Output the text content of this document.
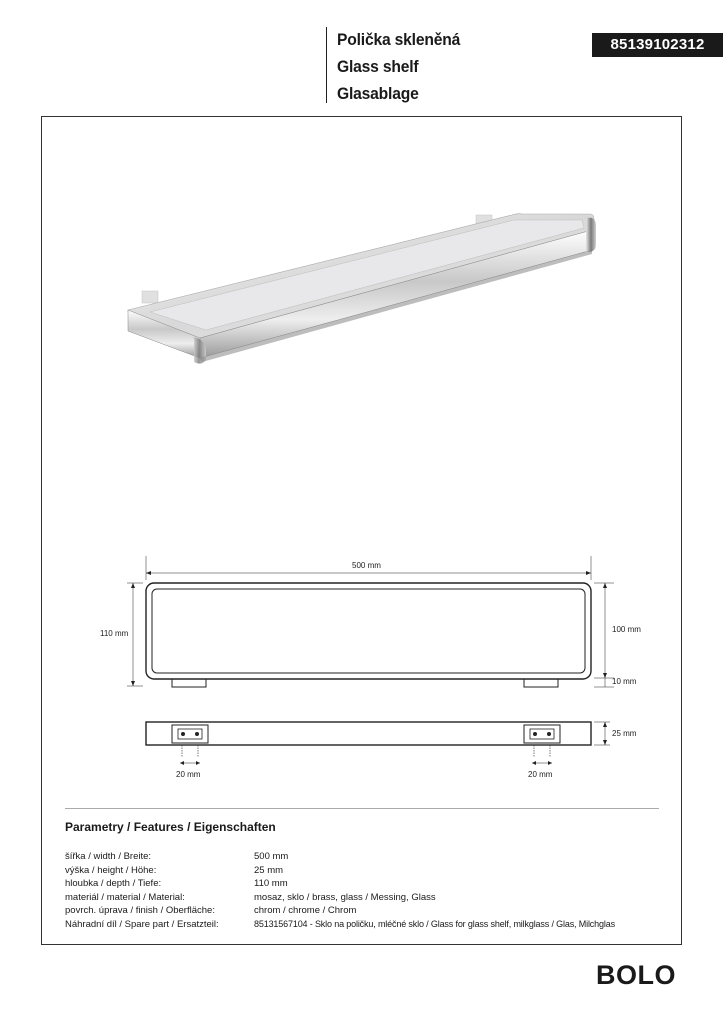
Polička skleněná
Glass shelf
Glasablage
85139102312
500 mm
110 mm	100 mm
10 mm
25 mm
20 mm	20 mm
Parametry / Features / Eigenschaften
šířka / width / Breite:	500 mm
výška / height / Höhe:	25 mm
hloubka / depth / Tiefe:	110 mm
materiál / material / Material:	mosaz, sklo / brass, glass / Messing, Glass
povrch. úprava / finish / Oberfläche:	chrom / chrome / Chrom
Náhradní díl / Spare part / Ersatzteil:	85131567104 - Sklo na poličku, mléčné sklo / Glass for glass shelf, milkglass / Glas, Milchglas
BOLO
